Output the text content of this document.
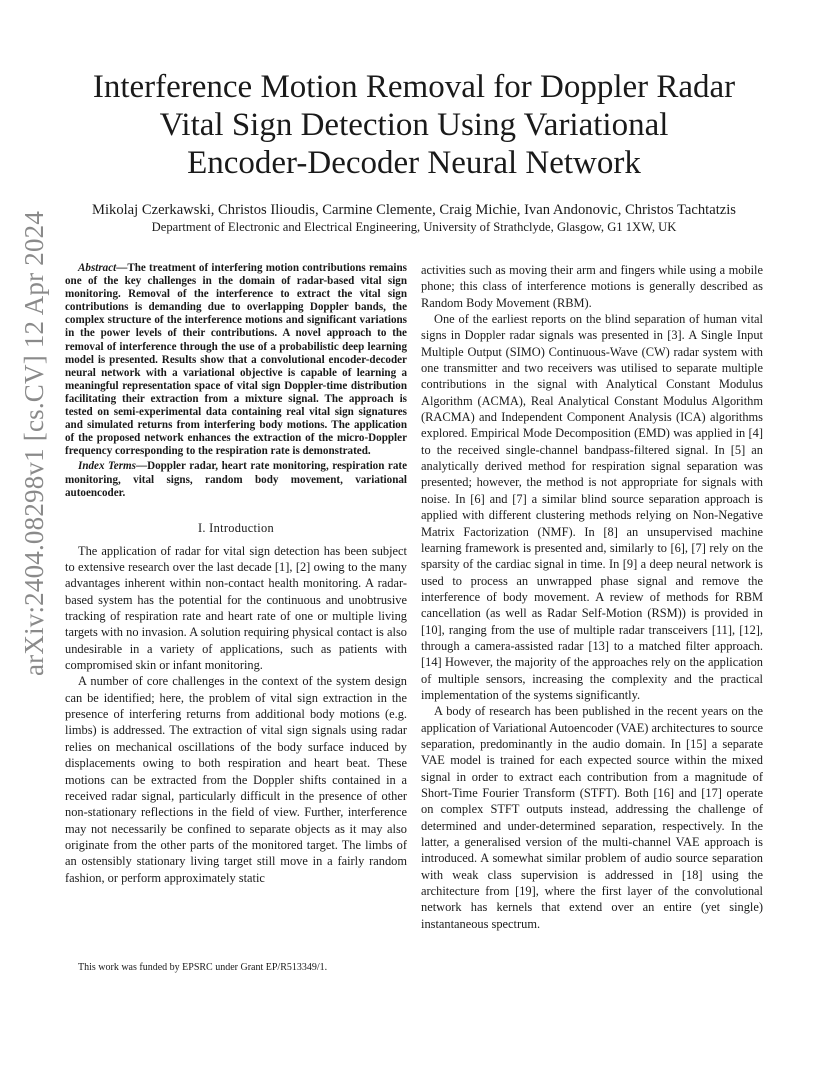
arXiv:2404.08298v1 [cs.CV] 12 Apr 2024
Interference Motion Removal for Doppler Radar
Vital Sign Detection Using Variational
Encoder-Decoder Neural Network

Mikolaj Czerkawski, Christos Ilioudis, Carmine Clemente, Craig Michie, Ivan Andonovic, Christos Tachtatzis

Department of Electronic and Electrical Engineering, University of Strathclyde, Glasgow, G1 1XW, UK

Abstract—The treatment of interfering motion contributions remains one of the key challenges in the domain of radar-based vital sign monitoring. Removal of the interference to extract the vital sign contributions is demanding due to overlapping Doppler bands, the complex structure of the interference motions and significant variations in the power levels of their contributions. A novel approach to the removal of interference through the use of a probabilistic deep learning model is presented. Results show that a convolutional encoder-decoder neural network with a variational objective is capable of learning a meaningful representation space of vital sign Doppler-time distribution facilitating their extraction from a mixture signal. The approach is tested on semi-experimental data containing real vital sign signatures and simulated returns from interfering body motions. The application of the proposed network enhances the extraction of the micro-Doppler frequency corresponding to the respiration rate is demonstrated.

Index Terms—Doppler radar, heart rate monitoring, respiration rate monitoring, vital signs, random body movement, variational autoencoder.

I. Introduction

The application of radar for vital sign detection has been subject to extensive research over the last decade [1], [2] owing to the many advantages inherent within non-contact health monitoring. A radar-based system has the potential for the continuous and unobtrusive tracking of respiration rate and heart rate of one or multiple living targets with no invasion. A solution requiring physical contact is also undesirable in a variety of applications, such as patients with compromised skin or infant monitoring.

A number of core challenges in the context of the system design can be identified; here, the problem of vital sign extraction in the presence of interfering returns from additional body motions (e.g. limbs) is addressed. The extraction of vital sign signals using radar relies on mechanical oscillations of the body surface induced by displacements owing to both respiration and heart beat. These motions can be extracted from the Doppler shifts contained in a received radar signal, particularly difficult in the presence of other non-stationary reflections in the field of view. Further, interference may not necessarily be confined to separate objects as it may also originate from the other parts of the monitored target. The limbs of an ostensibly stationary living target still move in a fairly random fashion, or perform approximately static

This work was funded by EPSRC under Grant EP/R513349/1.

activities such as moving their arm and fingers while using a mobile phone; this class of interference motions is generally described as Random Body Movement (RBM).

One of the earliest reports on the blind separation of human vital signs in Doppler radar signals was presented in [3]. A Single Input Multiple Output (SIMO) Continuous-Wave (CW) radar system with one transmitter and two receivers was utilised to separate multiple contributions in the signal with Analytical Constant Modulus Algorithm (ACMA), Real Analytical Constant Modulus Algorithm (RACMA) and Independent Component Analysis (ICA) algorithms explored. Empirical Mode Decomposition (EMD) was applied in [4] to the received single-channel bandpass-filtered signal. In [5] an analytically derived method for respiration signal separation was presented; however, the method is not appropriate for signals with noise. In [6] and [7] a similar blind source separation approach is applied with different clustering methods relying on Non-Negative Matrix Factorization (NMF). In [8] an unsupervised machine learning framework is presented and, similarly to [6], [7] rely on the sparsity of the cardiac signal in time. In [9] a deep neural network is used to process an unwrapped phase signal and remove the interference of body movement. A review of methods for RBM cancellation (as well as Radar Self-Motion (RSM)) is provided in [10], ranging from the use of multiple radar transceivers [11], [12], through a camera-assisted radar [13] to a matched filter approach. [14] However, the majority of the approaches rely on the application of multiple sensors, increasing the complexity and the practical implementation of the systems significantly.

A body of research has been published in the recent years on the application of Variational Autoencoder (VAE) architectures to source separation, predominantly in the audio domain. In [15] a separate VAE model is trained for each expected source within the mixed signal in order to extract each contribution from a magnitude of Short-Time Fourier Transform (STFT). Both [16] and [17] operate on complex STFT outputs instead, addressing the challenge of determined and under-determined separation, respectively. In the latter, a generalised version of the multi-channel VAE approach is introduced. A somewhat similar problem of audio source separation with weak class supervision is addressed in [18] using the architecture from [19], where the first layer of the convolutional network has kernels that extend over an entire (yet single) instantaneous spectrum.
